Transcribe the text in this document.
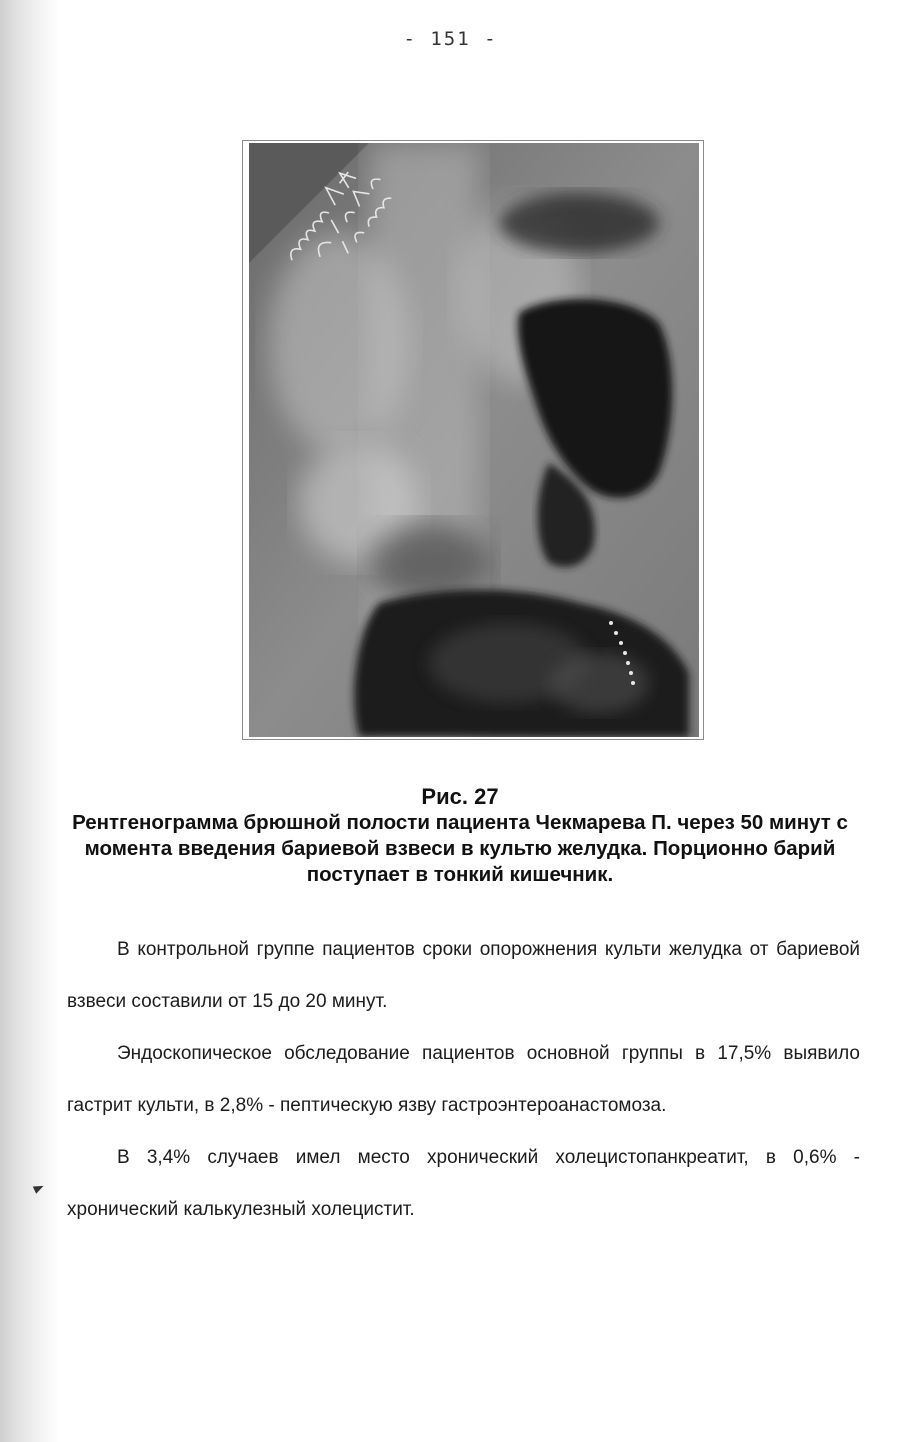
- 151 -
Рис. 27
Рентгенограмма брюшной полости пациента Чекмарева П. через 50 минут с момента введения бариевой взвеси в культю желудка. Порционно барий поступает в тонкий кишечник.

В контрольной группе пациентов сроки опорожнения культи желудка от бариевой взвеси составили от 15 до 20 минут.

Эндоскопическое обследование пациентов основной группы в 17,5% выявило гастрит культи, в 2,8% - пептическую язву гастроэнтероанастомоза.

В 3,4% случаев имел место хронический холецистопанкреатит, в 0,6% - хронический калькулезный холецистит.
